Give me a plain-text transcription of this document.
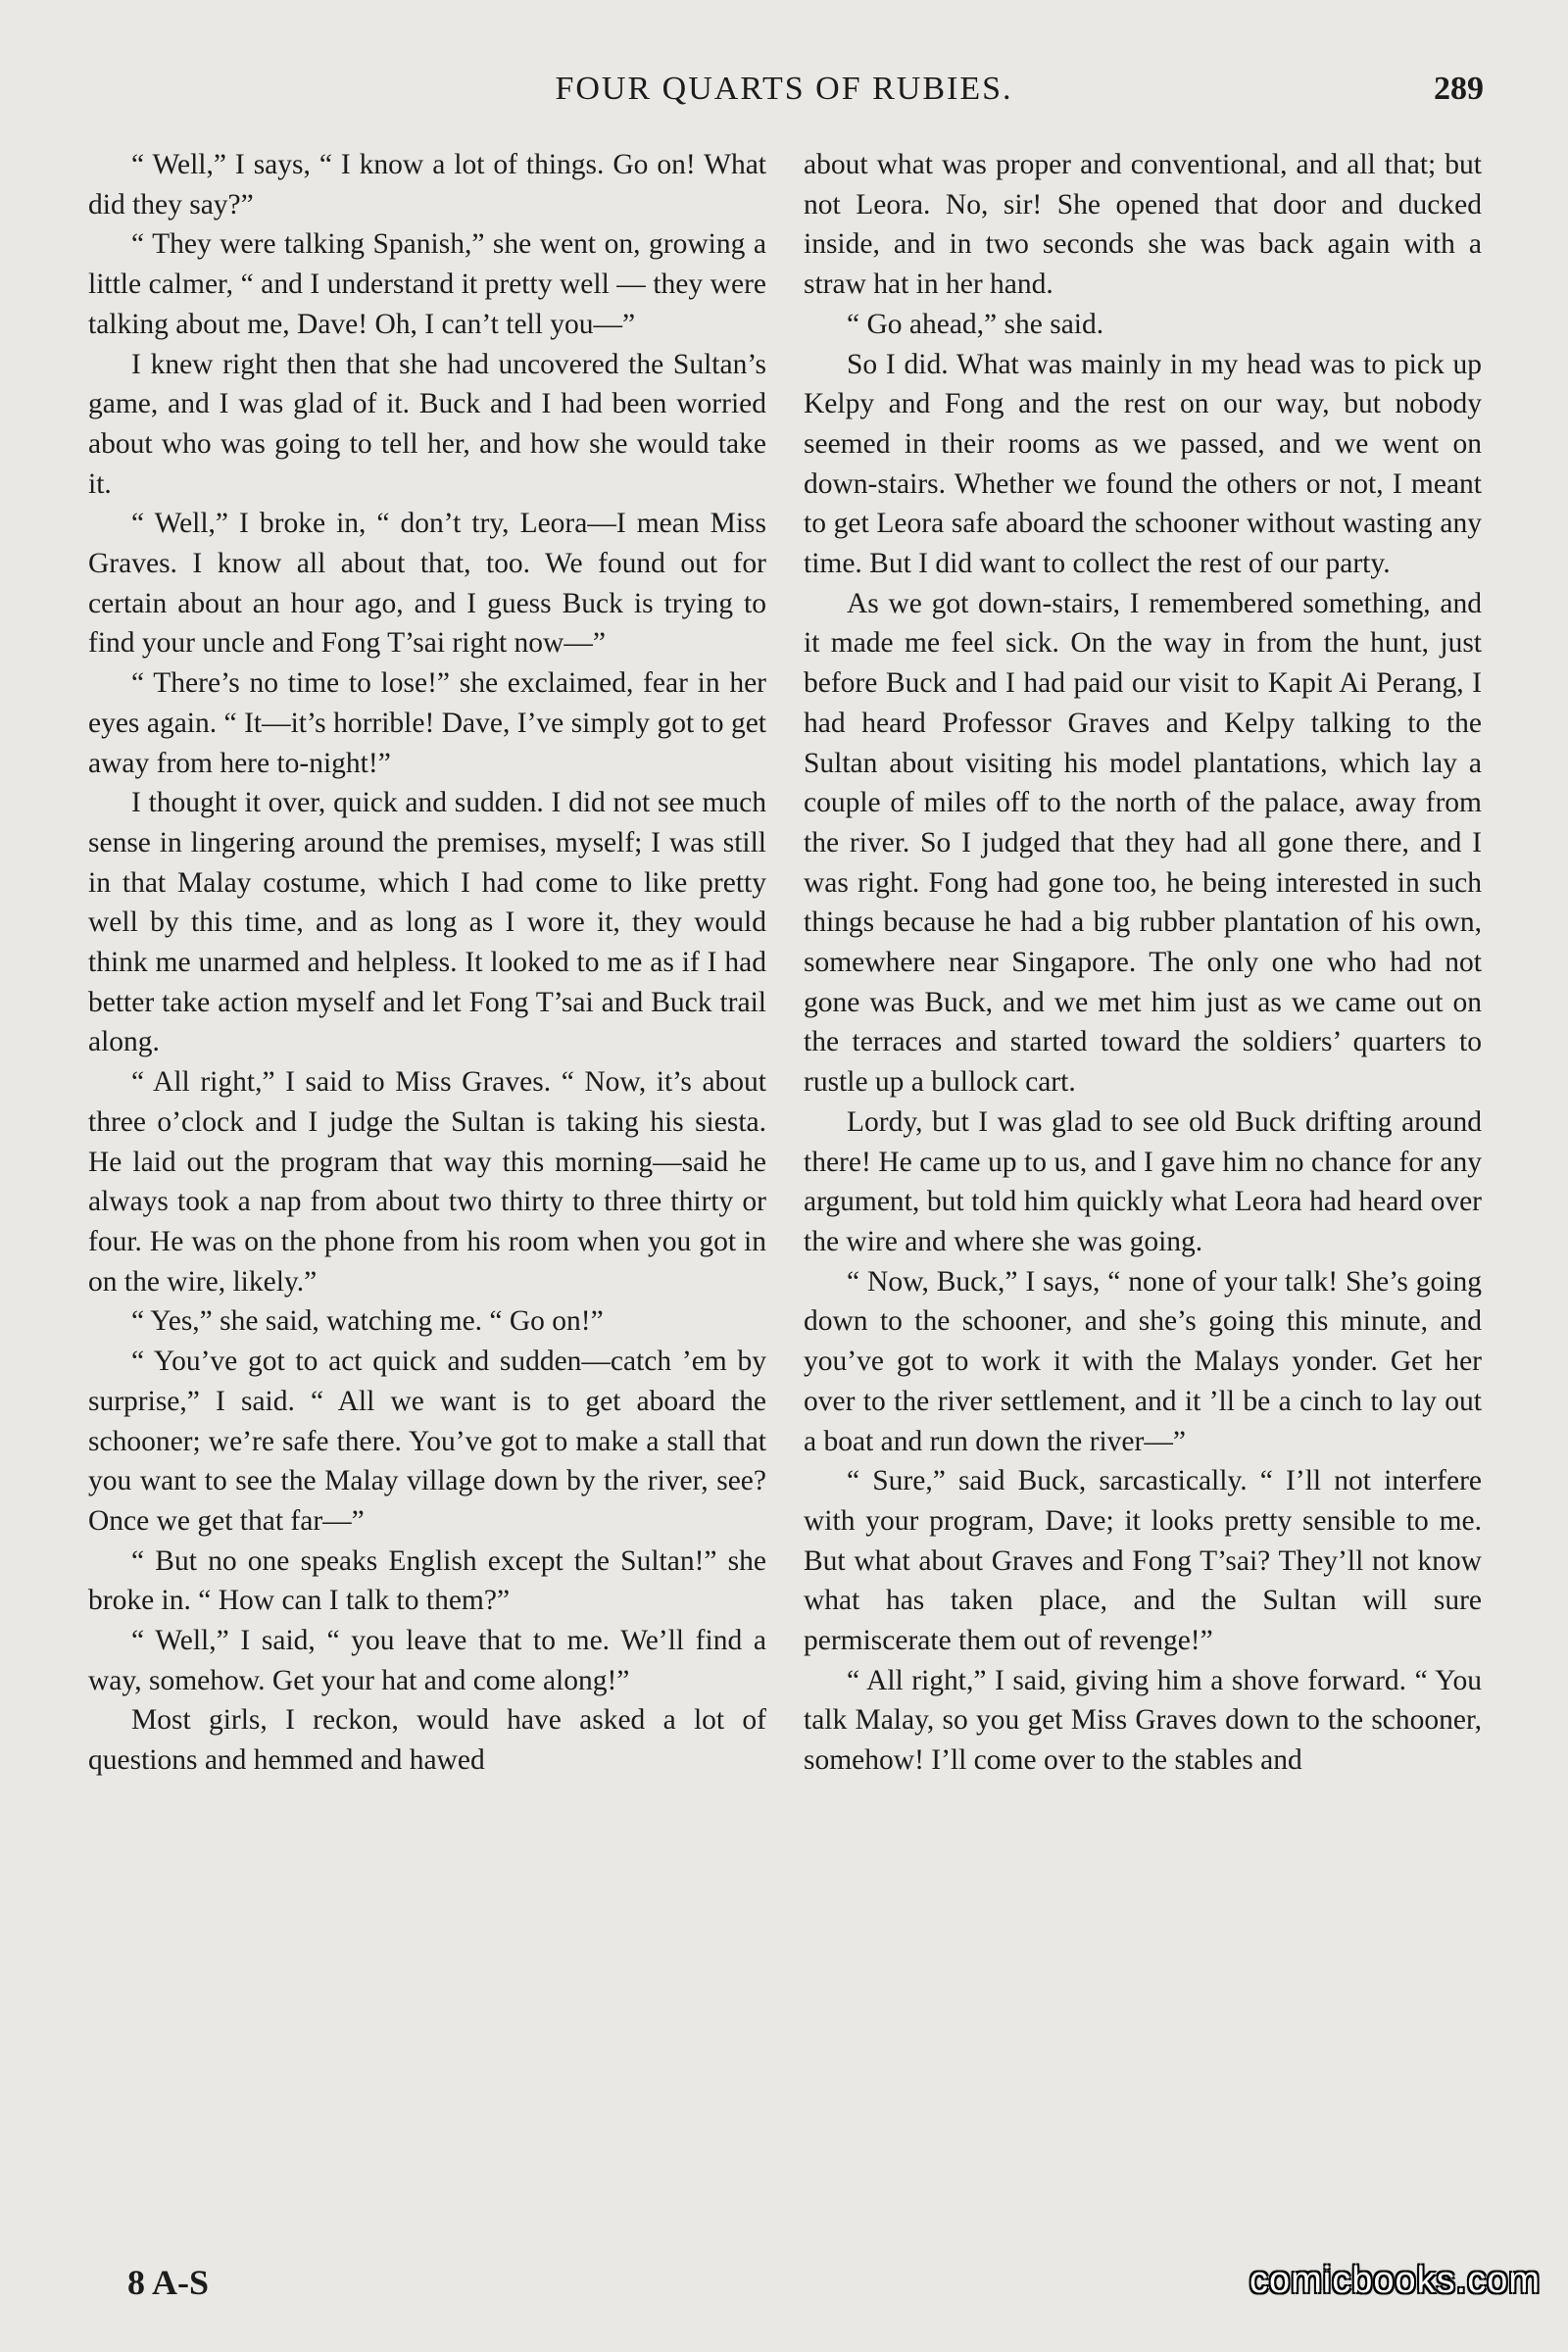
FOUR QUARTS OF RUBIES.	289

“ Well,” I says, “ I know a lot of things. Go on! What did they say?”

“ They were talking Spanish,” she went on, growing a little calmer, “ and I understand it pretty well — they were talking about me, Dave! Oh, I can’t tell you—”

I knew right then that she had uncovered the Sultan’s game, and I was glad of it. Buck and I had been worried about who was going to tell her, and how she would take it.

“ Well,” I broke in, “ don’t try, Leora—I mean Miss Graves. I know all about that, too. We found out for certain about an hour ago, and I guess Buck is trying to find your uncle and Fong T’sai right now—”

“ There’s no time to lose!” she exclaimed, fear in her eyes again. “ It—it’s horrible! Dave, I’ve simply got to get away from here to-night!”

I thought it over, quick and sudden. I did not see much sense in lingering around the premises, myself; I was still in that Malay costume, which I had come to like pretty well by this time, and as long as I wore it, they would think me unarmed and helpless. It looked to me as if I had better take action myself and let Fong T’sai and Buck trail along.

“ All right,” I said to Miss Graves. “ Now, it’s about three o’clock and I judge the Sultan is taking his siesta. He laid out the program that way this morning—said he always took a nap from about two thirty to three thirty or four. He was on the phone from his room when you got in on the wire, likely.”

“ Yes,” she said, watching me. “ Go on!”

“ You’ve got to act quick and sudden—catch ’em by surprise,” I said. “ All we want is to get aboard the schooner; we’re safe there. You’ve got to make a stall that you want to see the Malay village down by the river, see? Once we get that far—”

“ But no one speaks English except the Sultan!” she broke in. “ How can I talk to them?”

“ Well,” I said, “ you leave that to me. We’ll find a way, somehow. Get your hat and come along!”

Most girls, I reckon, would have asked a lot of questions and hemmed and hawed

about what was proper and conventional, and all that; but not Leora. No, sir! She opened that door and ducked inside, and in two seconds she was back again with a straw hat in her hand.

“ Go ahead,” she said.

So I did. What was mainly in my head was to pick up Kelpy and Fong and the rest on our way, but nobody seemed in their rooms as we passed, and we went on down-stairs. Whether we found the others or not, I meant to get Leora safe aboard the schooner without wasting any time. But I did want to collect the rest of our party.

As we got down-stairs, I remembered something, and it made me feel sick. On the way in from the hunt, just before Buck and I had paid our visit to Kapit Ai Perang, I had heard Professor Graves and Kelpy talking to the Sultan about visiting his model plantations, which lay a couple of miles off to the north of the palace, away from the river. So I judged that they had all gone there, and I was right. Fong had gone too, he being interested in such things because he had a big rubber plantation of his own, somewhere near Singapore. The only one who had not gone was Buck, and we met him just as we came out on the terraces and started toward the soldiers’ quarters to rustle up a bullock cart.

Lordy, but I was glad to see old Buck drifting around there! He came up to us, and I gave him no chance for any argument, but told him quickly what Leora had heard over the wire and where she was going.

“ Now, Buck,” I says, “ none of your talk! She’s going down to the schooner, and she’s going this minute, and you’ve got to work it with the Malays yonder. Get her over to the river settlement, and it ’ll be a cinch to lay out a boat and run down the river—”

“ Sure,” said Buck, sarcastically. “ I’ll not interfere with your program, Dave; it looks pretty sensible to me. But what about Graves and Fong T’sai? They’ll not know what has taken place, and the Sultan will sure permiscerate them out of revenge!”

“ All right,” I said, giving him a shove forward. “ You talk Malay, so you get Miss Graves down to the schooner, somehow! I’ll come over to the stables and

8 A-S	comicbooks.com
